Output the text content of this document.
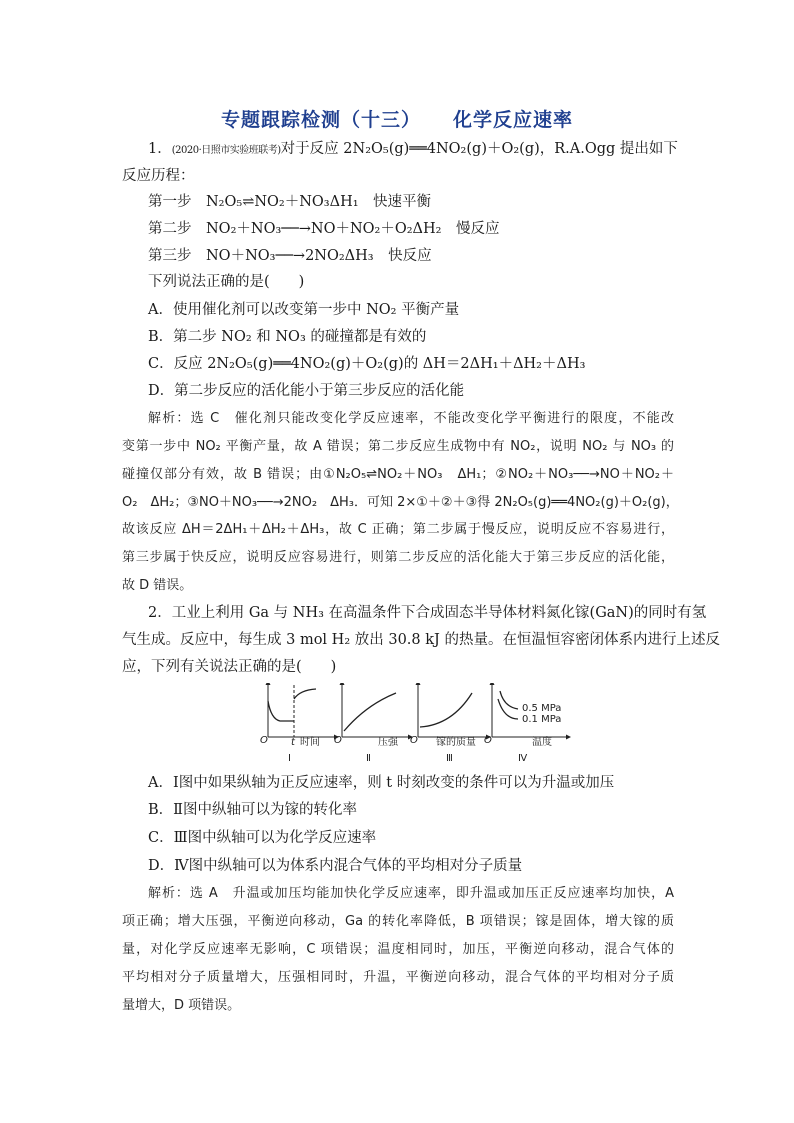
专题跟踪检测（十三） 化学反应速率
1．(2020·日照市实验班联考)对于反应 2N₂O₅(g)══4NO₂(g)＋O₂(g)，R.A.Ogg 提出如下
反应历程：
第一步　N₂O₅⇌NO₂＋NO₃ΔH₁　快速平衡
第二步　NO₂＋NO₃──→NO＋NO₂＋O₂ΔH₂　慢反应
第三步　NO＋NO₃──→2NO₂ΔH₃　快反应
下列说法正确的是(　　)
A．使用催化剂可以改变第一步中 NO₂ 平衡产量
B．第二步 NO₂ 和 NO₃ 的碰撞都是有效的
C．反应 2N₂O₅(g)══4NO₂(g)＋O₂(g)的 ΔH＝2ΔH₁＋ΔH₂＋ΔH₃
D．第二步反应的活化能小于第三步反应的活化能
解析：选 C　催化剂只能改变化学反应速率，不能改变化学平衡进行的限度，不能改
变第一步中 NO₂ 平衡产量，故 A 错误；第二步反应生成物中有 NO₂，说明 NO₂ 与 NO₃ 的
碰撞仅部分有效，故 B 错误；由①N₂O₅⇌NO₂＋NO₃　ΔH₁；②NO₂＋NO₃──→NO＋NO₂＋
O₂　ΔH₂；③NO＋NO₃──→2NO₂　ΔH₃．可知 2×①＋②＋③得 2N₂O₅(g)══4NO₂(g)＋O₂(g)，
故该反应 ΔH＝2ΔH₁＋ΔH₂＋ΔH₃，故 C 正确；第二步属于慢反应，说明反应不容易进行，
第三步属于快反应，说明反应容易进行，则第二步反应的活化能大于第三步反应的活化能，
故 D 错误。
2．工业上利用 Ga 与 NH₃ 在高温条件下合成固态半导体材料氮化镓(GaN)的同时有氢
气生成。反应中，每生成 3 mol H₂ 放出 30.8 kJ 的热量。在恒温恒容密闭体系内进行上述反
应，下列有关说法正确的是(　　)
O t 时间
Ⅰ
O	压强
Ⅱ
O 镓的质量
Ⅲ
O	温度
Ⅳ
0.5 MPa
0.1 MPa
A．Ⅰ图中如果纵轴为正反应速率，则 t 时刻改变的条件可以为升温或加压
B．Ⅱ图中纵轴可以为镓的转化率
C．Ⅲ图中纵轴可以为化学反应速率
D．Ⅳ图中纵轴可以为体系内混合气体的平均相对分子质量
解析：选 A　升温或加压均能加快化学反应速率，即升温或加压正反应速率均加快，A
项正确；增大压强，平衡逆向移动，Ga 的转化率降低，B 项错误；镓是固体，增大镓的质
量，对化学反应速率无影响，C 项错误；温度相同时，加压，平衡逆向移动，混合气体的
平均相对分子质量增大，压强相同时，升温，平衡逆向移动，混合气体的平均相对分子质
量增大，D 项错误。
